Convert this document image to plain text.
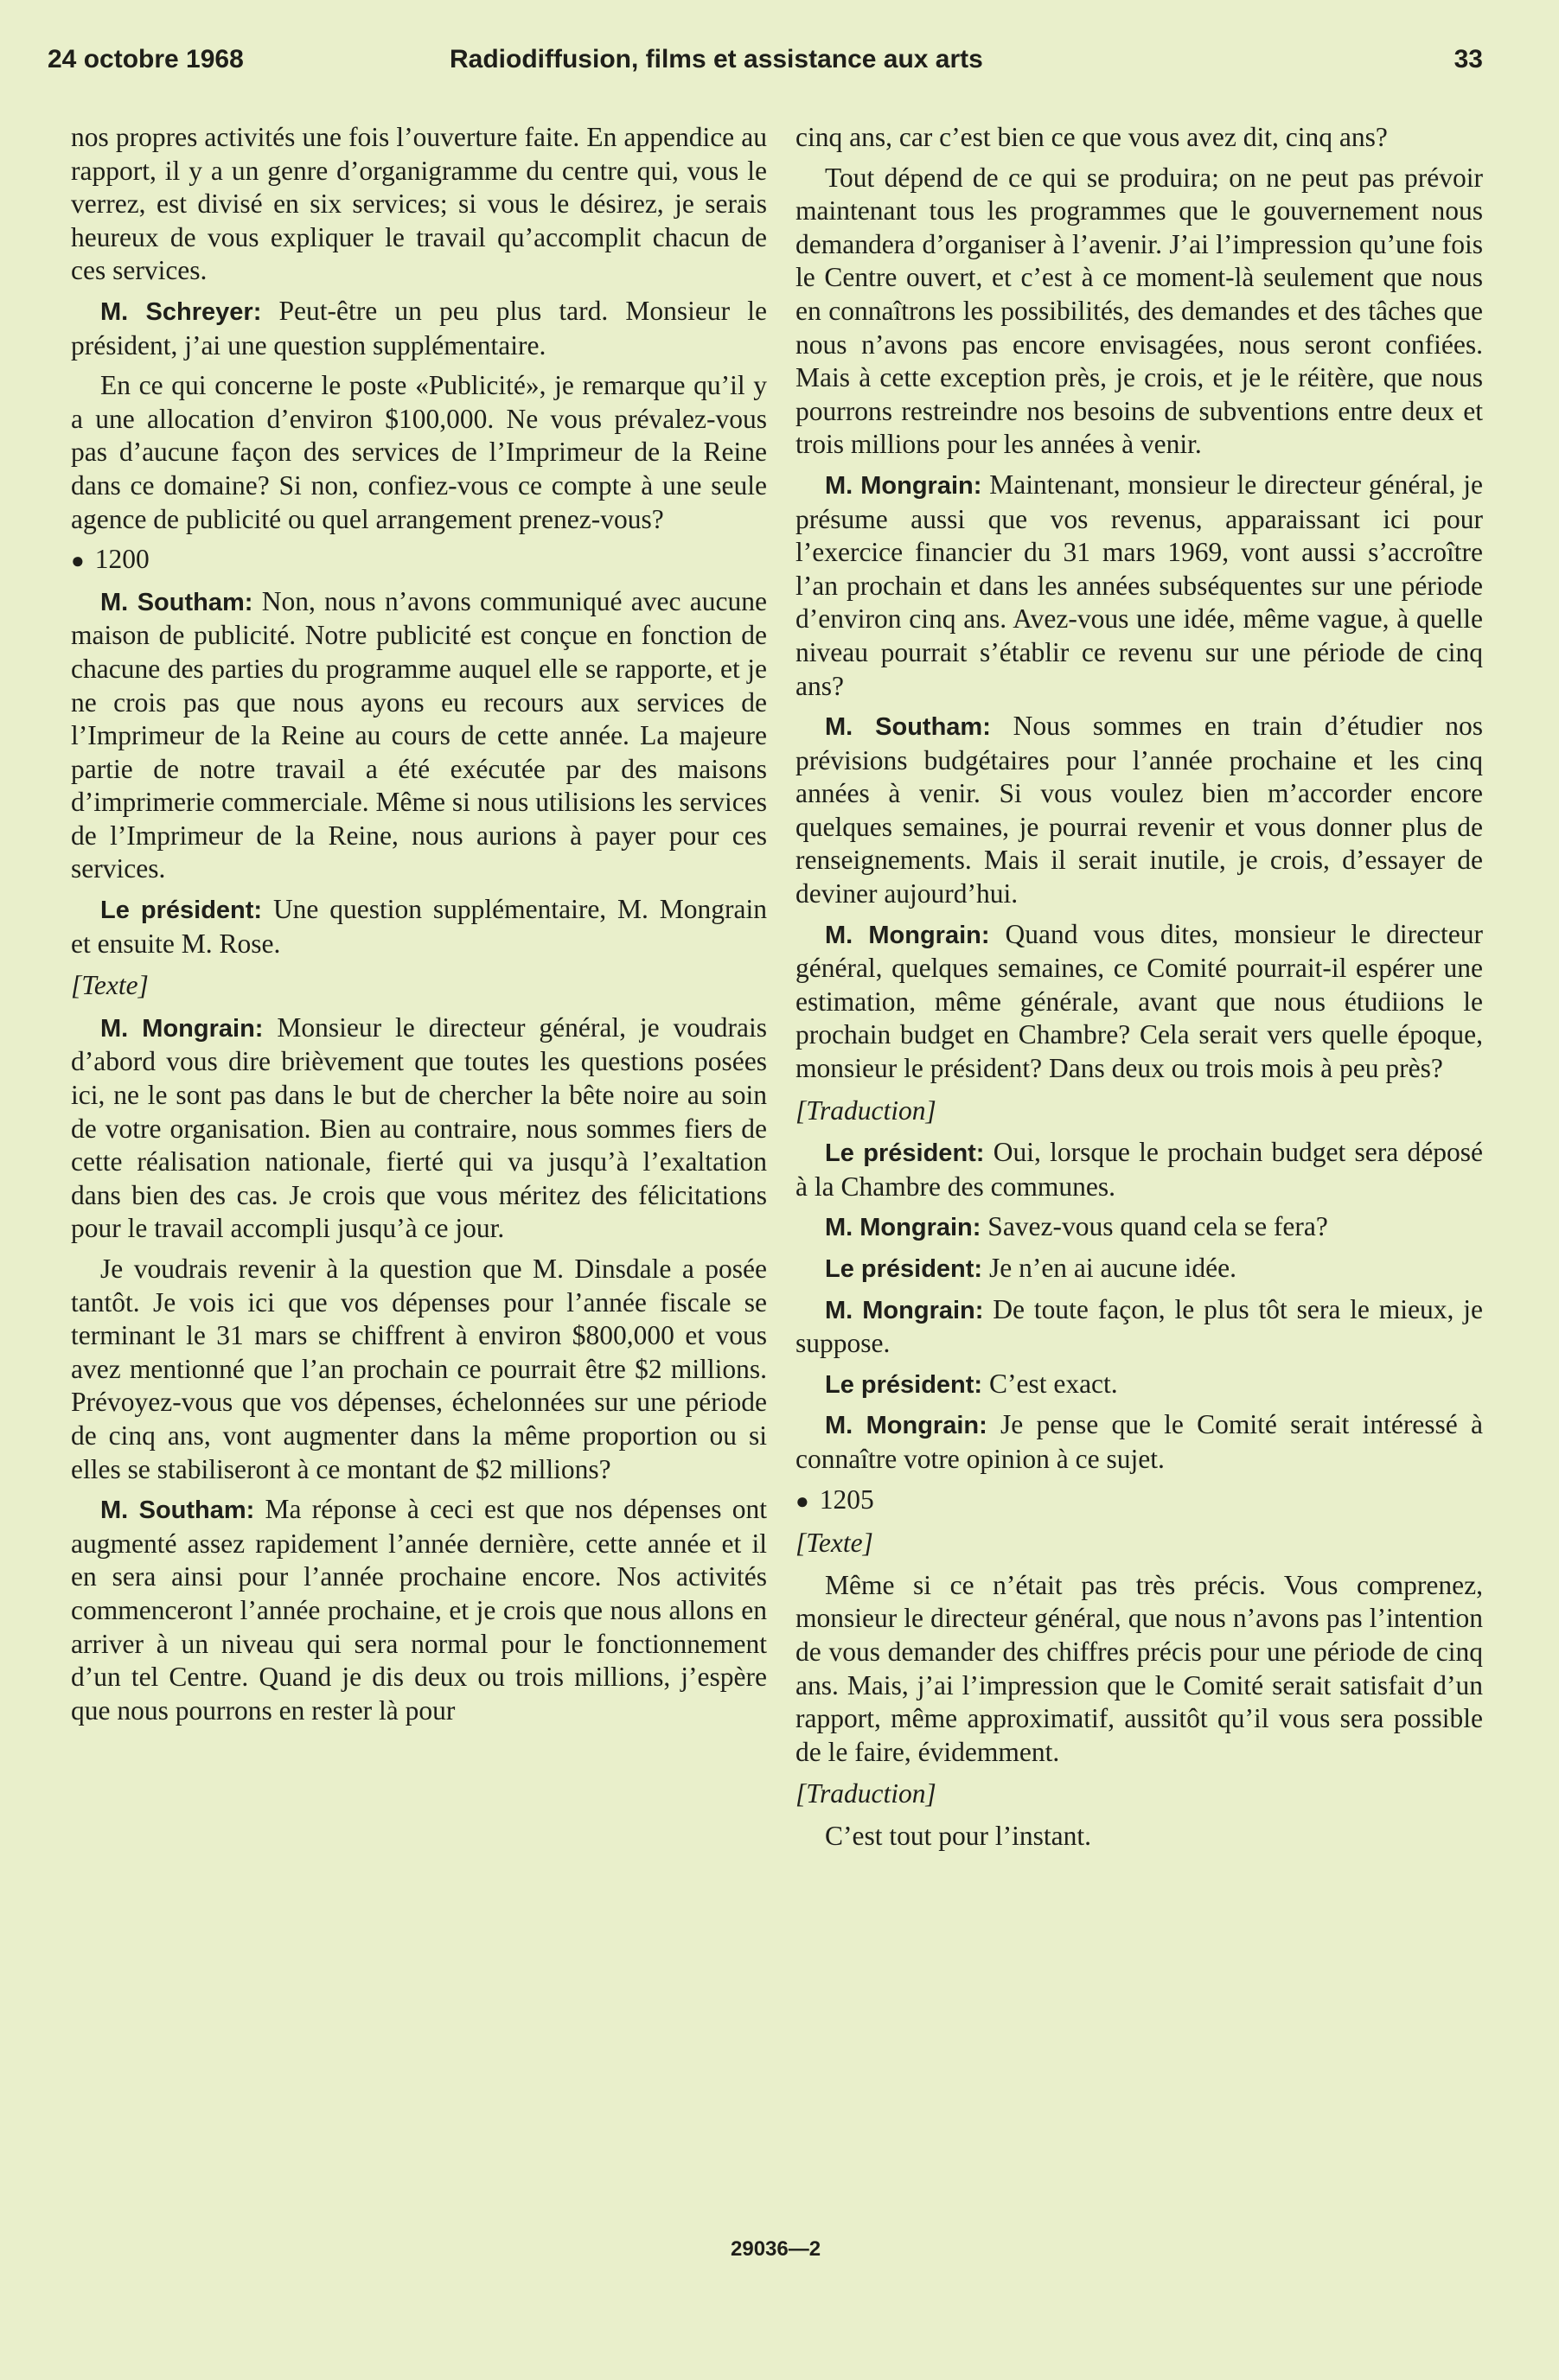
24 octobre 1968	Radiodiffusion, films et assistance aux arts	33

nos propres activités une fois l’ouverture faite. En appendice au rapport, il y a un genre d’organigramme du centre qui, vous le verrez, est divisé en six services; si vous le désirez, je serais heureux de vous expliquer le travail qu’accomplit chacun de ces services.

M. Schreyer: Peut-être un peu plus tard. Monsieur le président, j’ai une question supplémentaire.

En ce qui concerne le poste «Publicité», je remarque qu’il y a une allocation d’environ $100,000. Ne vous prévalez-vous pas d’aucune façon des services de l’Imprimeur de la Reine dans ce domaine? Si non, confiez-vous ce compte à une seule agence de publicité ou quel arrangement prenez-vous?

● 1200

M. Southam: Non, nous n’avons communiqué avec aucune maison de publicité. Notre publicité est conçue en fonction de chacune des parties du programme auquel elle se rapporte, et je ne crois pas que nous ayons eu recours aux services de l’Imprimeur de la Reine au cours de cette année. La majeure partie de notre travail a été exécutée par des maisons d’imprimerie commerciale. Même si nous utilisions les services de l’Imprimeur de la Reine, nous aurions à payer pour ces services.

Le président: Une question supplémentaire, M. Mongrain et ensuite M. Rose.

[Texte]

M. Mongrain: Monsieur le directeur général, je voudrais d’abord vous dire brièvement que toutes les questions posées ici, ne le sont pas dans le but de chercher la bête noire au soin de votre organisation. Bien au contraire, nous sommes fiers de cette réalisation nationale, fierté qui va jusqu’à l’exaltation dans bien des cas. Je crois que vous méritez des félicitations pour le travail accompli jusqu’à ce jour.

Je voudrais revenir à la question que M. Dinsdale a posée tantôt. Je vois ici que vos dépenses pour l’année fiscale se terminant le 31 mars se chiffrent à environ $800,000 et vous avez mentionné que l’an prochain ce pourrait être $2 millions. Prévoyez-vous que vos dépenses, échelonnées sur une période de cinq ans, vont augmenter dans la même proportion ou si elles se stabiliseront à ce montant de $2 millions?

M. Southam: Ma réponse à ceci est que nos dépenses ont augmenté assez rapidement l’année dernière, cette année et il en sera ainsi pour l’année prochaine encore. Nos activités commenceront l’année prochaine, et je crois que nous allons en arriver à un niveau qui sera normal pour le fonctionnement d’un tel Centre. Quand je dis deux ou trois millions, j’espère que nous pourrons en rester là pour

cinq ans, car c’est bien ce que vous avez dit, cinq ans?

Tout dépend de ce qui se produira; on ne peut pas prévoir maintenant tous les programmes que le gouvernement nous demandera d’organiser à l’avenir. J’ai l’impression qu’une fois le Centre ouvert, et c’est à ce moment-là seulement que nous en connaîtrons les possibilités, des demandes et des tâches que nous n’avons pas encore envisagées, nous seront confiées. Mais à cette exception près, je crois, et je le réitère, que nous pourrons restreindre nos besoins de subventions entre deux et trois millions pour les années à venir.

M. Mongrain: Maintenant, monsieur le directeur général, je présume aussi que vos revenus, apparaissant ici pour l’exercice financier du 31 mars 1969, vont aussi s’accroître l’an prochain et dans les années subséquentes sur une période d’environ cinq ans. Avez-vous une idée, même vague, à quelle niveau pourrait s’établir ce revenu sur une période de cinq ans?

M. Southam: Nous sommes en train d’étudier nos prévisions budgétaires pour l’année prochaine et les cinq années à venir. Si vous voulez bien m’accorder encore quelques semaines, je pourrai revenir et vous donner plus de renseignements. Mais il serait inutile, je crois, d’essayer de deviner aujourd’hui.

M. Mongrain: Quand vous dites, monsieur le directeur général, quelques semaines, ce Comité pourrait-il espérer une estimation, même générale, avant que nous étudiions le prochain budget en Chambre? Cela serait vers quelle époque, monsieur le président? Dans deux ou trois mois à peu près?

[Traduction]

Le président: Oui, lorsque le prochain budget sera déposé à la Chambre des communes.

M. Mongrain: Savez-vous quand cela se fera?

Le président: Je n’en ai aucune idée.

M. Mongrain: De toute façon, le plus tôt sera le mieux, je suppose.

Le président: C’est exact.

M. Mongrain: Je pense que le Comité serait intéressé à connaître votre opinion à ce sujet.

● 1205

[Texte]

Même si ce n’était pas très précis. Vous comprenez, monsieur le directeur général, que nous n’avons pas l’intention de vous demander des chiffres précis pour une période de cinq ans. Mais, j’ai l’impression que le Comité serait satisfait d’un rapport, même approximatif, aussitôt qu’il vous sera possible de le faire, évidemment.

[Traduction]

C’est tout pour l’instant.

29036—2
